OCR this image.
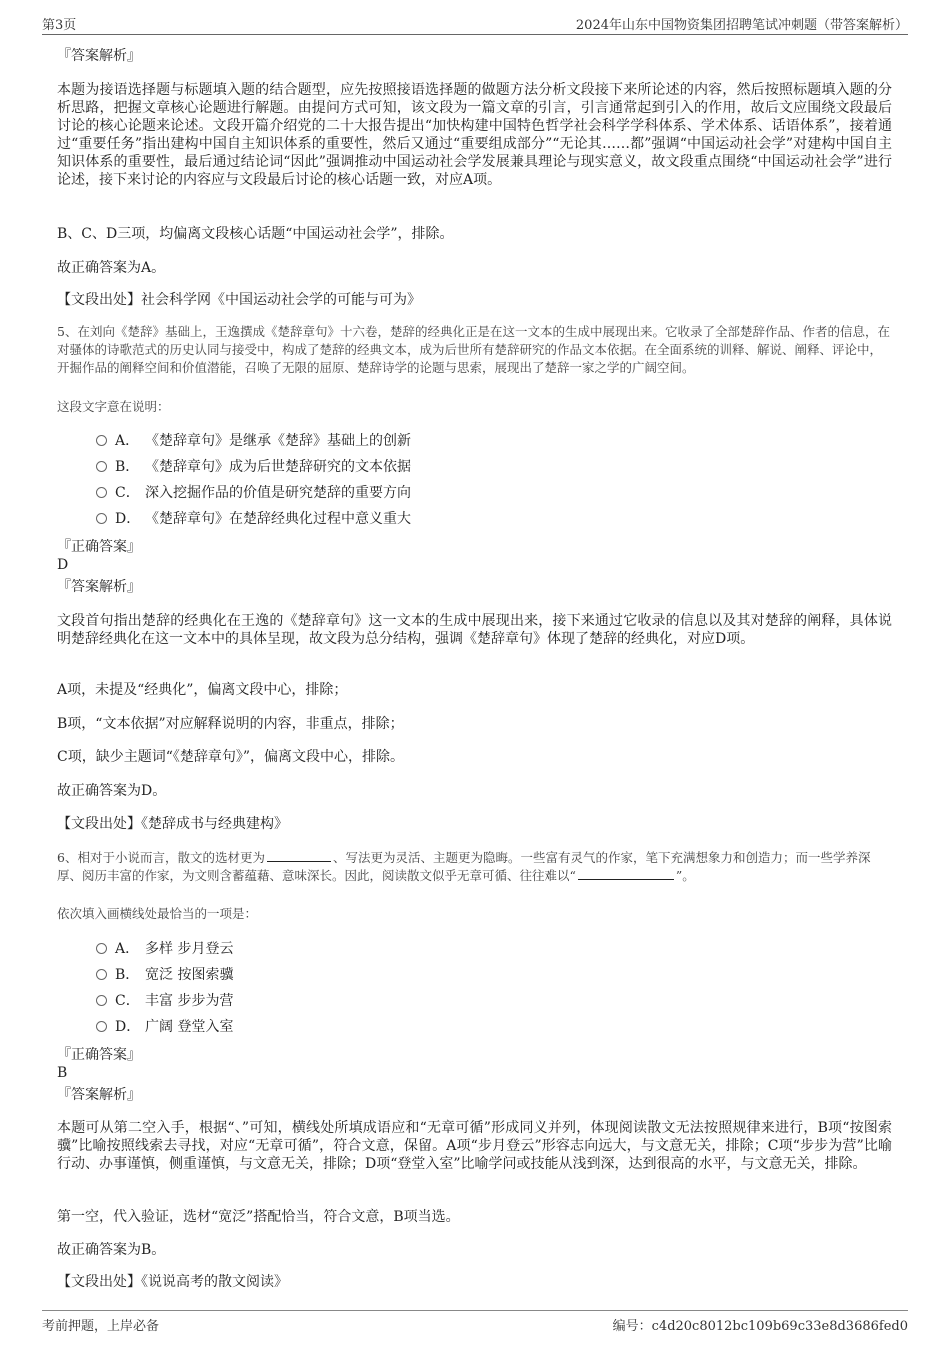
第3页	2024年山东中国物资集团招聘笔试冲刺题（带答案解析）

『答案解析』

本题为接语选择题与标题填入题的结合题型，应先按照接语选择题的做题方法分析文段接下来所论述的内容，然后按照标题填入题的分析思路，把握文章核心论题进行解题。由提问方式可知，该文段为一篇文章的引言，引言通常起到引入的作用，故后文应围绕文段最后讨论的核心论题来论述。文段开篇介绍党的二十大报告提出“加快构建中国特色哲学社会科学学科体系、学术体系、话语体系”，接着通过“重要任务”指出建构中国自主知识体系的重要性，然后又通过“重要组成部分”“无论其……都”强调“中国运动社会学”对建构中国自主知识体系的重要性，最后通过结论词“因此”强调推动中国运动社会学发展兼具理论与现实意义，故文段重点围绕“中国运动社会学”进行论述，接下来讨论的内容应与文段最后讨论的核心话题一致，对应A项。

B、C、D三项，均偏离文段核心话题“中国运动社会学”，排除。

故正确答案为A。

【文段出处】社会科学网《中国运动社会学的可能与可为》

5、在刘向《楚辞》基础上，王逸撰成《楚辞章句》十六卷，楚辞的经典化正是在这一文本的生成中展现出来。它收录了全部楚辞作品、作者的信息，在对骚体的诗歌范式的历史认同与接受中，构成了楚辞的经典文本，成为后世所有楚辞研究的作品文本依据。在全面系统的训释、解说、阐释、评论中，开掘作品的阐释空间和价值潜能，召唤了无限的屈原、楚辞诗学的论题与思索，展现出了楚辞一家之学的广阔空间。

这段文字意在说明：

A． 《楚辞章句》是继承《楚辞》基础上的创新
B． 《楚辞章句》成为后世楚辞研究的文本依据
C． 深入挖掘作品的价值是研究楚辞的重要方向
D． 《楚辞章句》在楚辞经典化过程中意义重大

『正确答案』

D

『答案解析』

文段首句指出楚辞的经典化在王逸的《楚辞章句》这一文本的生成中展现出来，接下来通过它收录的信息以及其对楚辞的阐释，具体说明楚辞经典化在这一文本中的具体呈现，故文段为总分结构，强调《楚辞章句》体现了楚辞的经典化，对应D项。

A项，未提及“经典化”，偏离文段中心，排除；

B项，“文本依据”对应解释说明的内容，非重点，排除；

C项，缺少主题词“《楚辞章句》”，偏离文段中心，排除。

故正确答案为D。

【文段出处】《楚辞成书与经典建构》

6、相对于小说而言，散文的选材更为	、写法更为灵活、主题更为隐晦。一些富有灵气的作家，笔下充满想象力和创造力；而一些学养深厚、阅历丰富的作家，为文则含蓄蕴藉、意味深长。因此，阅读散文似乎无章可循、往往难以“	”。

依次填入画横线处最恰当的一项是：

A． 多样 步月登云
B． 宽泛 按图索骥
C． 丰富 步步为营
D． 广阔 登堂入室

『正确答案』

B

『答案解析』

本题可从第二空入手，根据“、”可知，横线处所填成语应和“无章可循”形成同义并列，体现阅读散文无法按照规律来进行，B项“按图索骥”比喻按照线索去寻找，对应“无章可循”，符合文意，保留。A项“步月登云”形容志向远大，与文意无关，排除；C项“步步为营”比喻行动、办事谨慎，侧重谨慎，与文意无关，排除；D项“登堂入室”比喻学问或技能从浅到深，达到很高的水平，与文意无关，排除。

第一空，代入验证，选材“宽泛”搭配恰当，符合文意，B项当选。

故正确答案为B。

【文段出处】《说说高考的散文阅读》

考前押题，上岸必备	编号：c4d20c8012bc109b69c33e8d3686fed0
